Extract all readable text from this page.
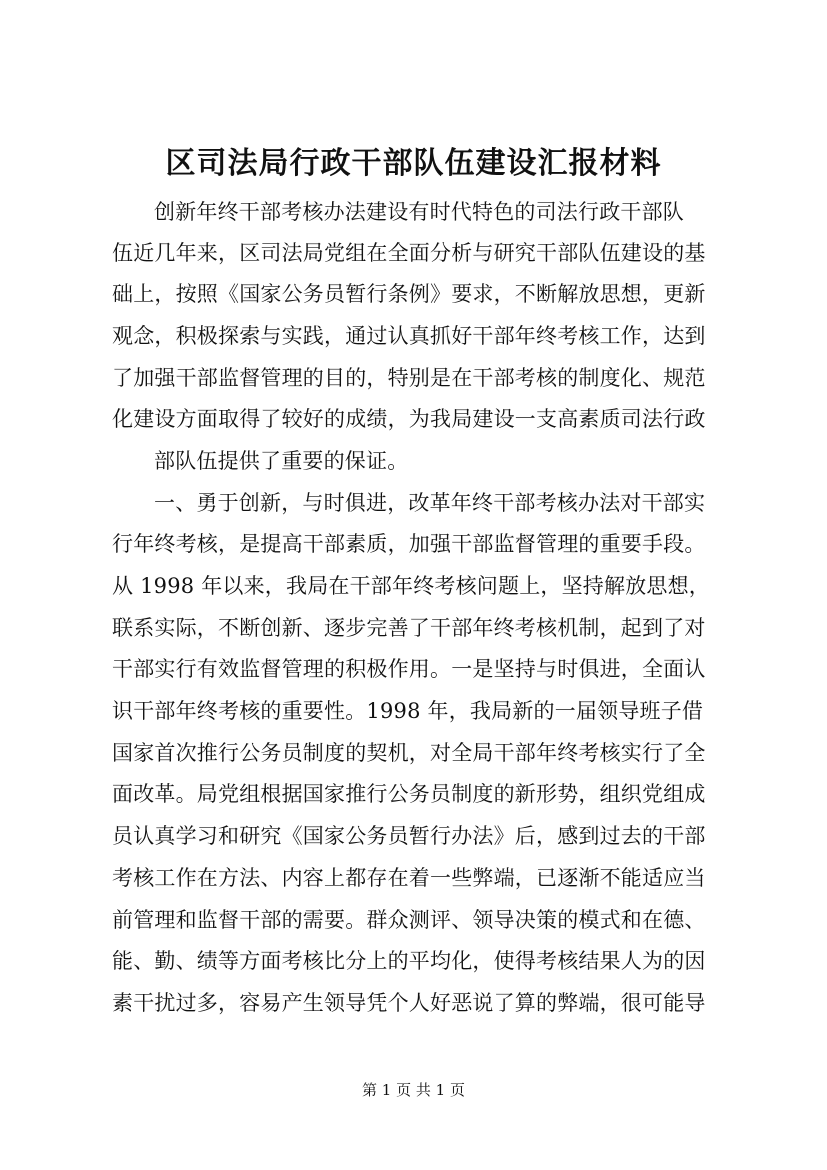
区司法局行政干部队伍建设汇报材料

创新年终干部考核办法建设有时代特色的司法行政干部队

伍近几年来，区司法局党组在全面分析与研究干部队伍建设的基

础上，按照《国家公务员暂行条例》要求，不断解放思想，更新

观念，积极探索与实践，通过认真抓好干部年终考核工作，达到

了加强干部监督管理的目的，特别是在干部考核的制度化、规范

化建设方面取得了较好的成绩，为我局建设一支高素质司法行政

部队伍提供了重要的保证。

一、勇于创新，与时俱进，改革年终干部考核办法对干部实

行年终考核，是提高干部素质，加强干部监督管理的重要手段。

从 1998 年以来，我局在干部年终考核问题上，坚持解放思想，

联系实际，不断创新、逐步完善了干部年终考核机制，起到了对

干部实行有效监督管理的积极作用。一是坚持与时俱进，全面认

识干部年终考核的重要性。1998 年，我局新的一届领导班子借

国家首次推行公务员制度的契机，对全局干部年终考核实行了全

面改革。局党组根据国家推行公务员制度的新形势，组织党组成

员认真学习和研究《国家公务员暂行办法》后，感到过去的干部

考核工作在方法、内容上都存在着一些弊端，已逐渐不能适应当

前管理和监督干部的需要。群众测评、领导决策的模式和在德、

能、勤、绩等方面考核比分上的平均化，使得考核结果人为的因

素干扰过多，容易产生领导凭个人好恶说了算的弊端，很可能导

第 1 页 共 1 页
